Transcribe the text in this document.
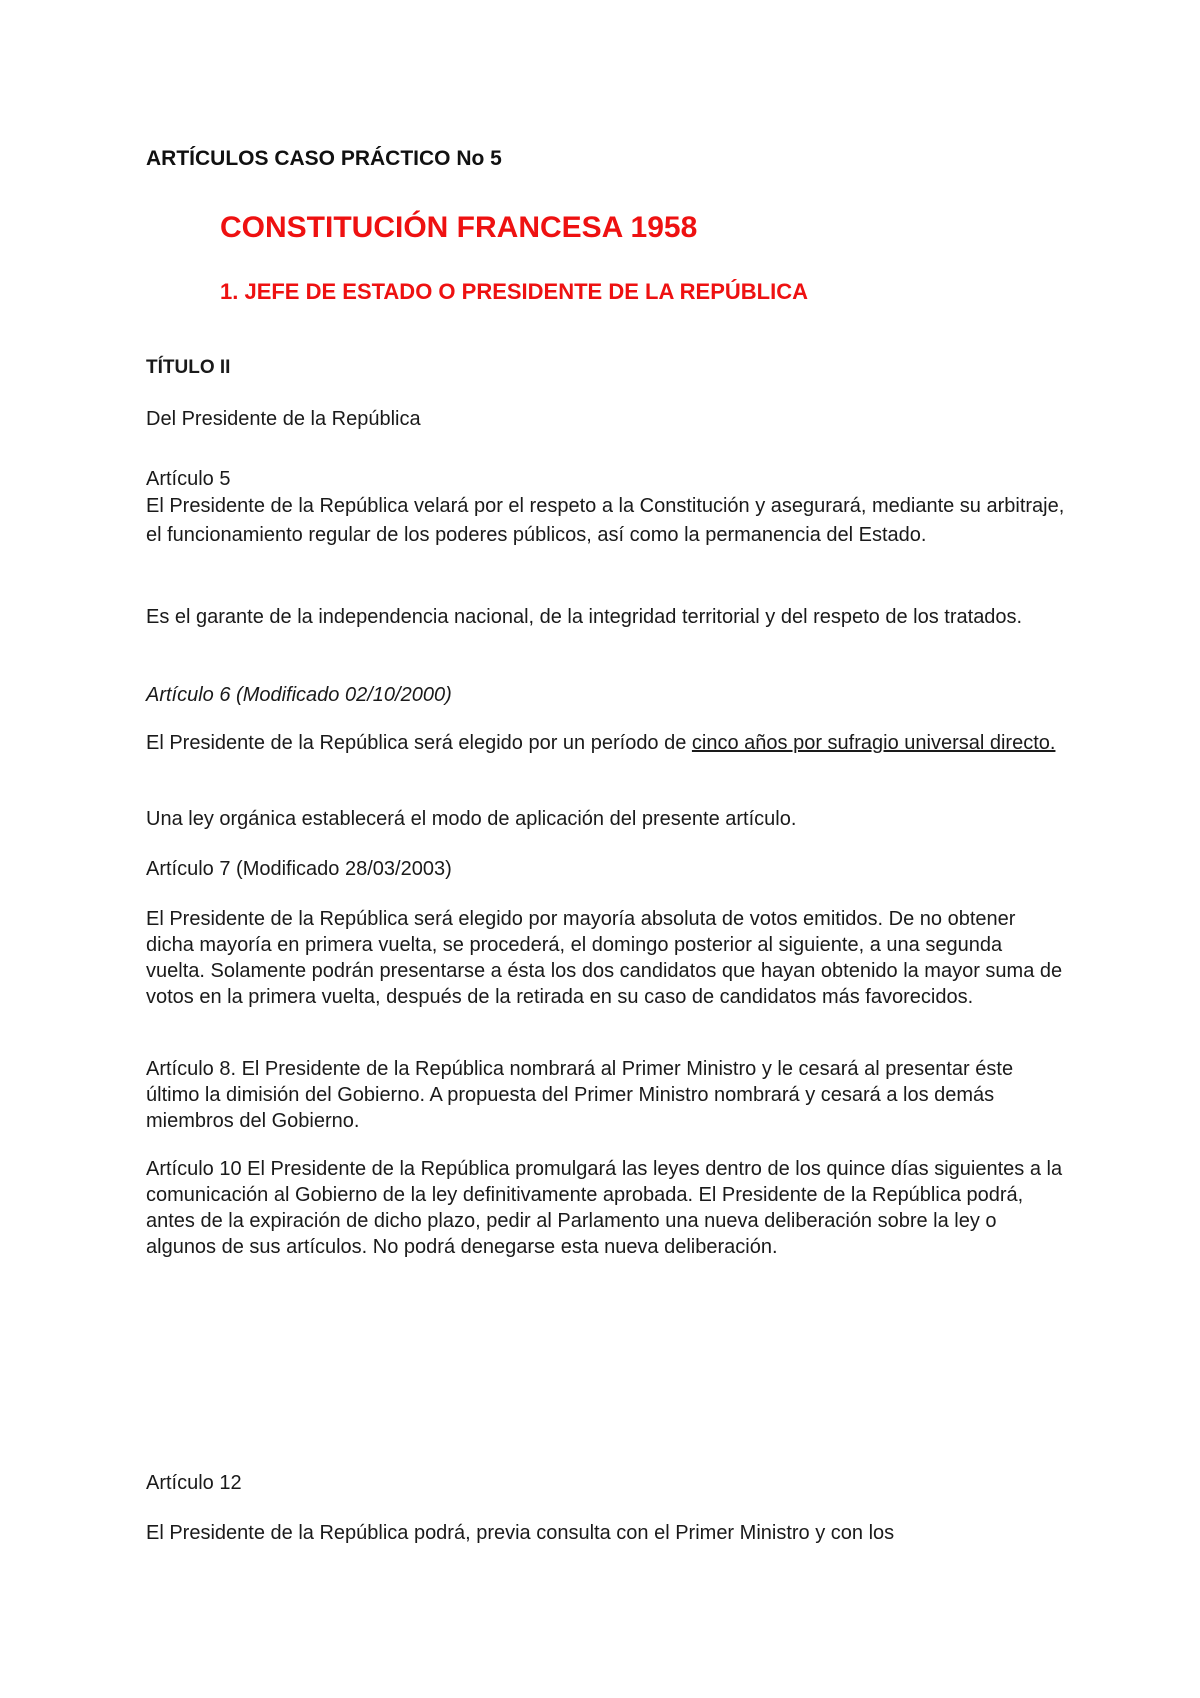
ARTÍCULOS CASO PRÁCTICO No 5

CONSTITUCIÓN FRANCESA 1958
1. JEFE DE ESTADO O PRESIDENTE DE LA REPÚBLICA

TÍTULO II

Del Presidente de la República

Artículo 5

El Presidente de la República velará por el respeto a la Constitución y asegurará, mediante su arbitraje, el funcionamiento regular de los poderes públicos, así como la permanencia del Estado.

Es el garante de la independencia nacional, de la integridad territorial y del respeto de los tratados.

Artículo 6 (Modificado 02/10/2000)

El Presidente de la República será elegido por un período de cinco años por sufragio universal directo.

Una ley orgánica establecerá el modo de aplicación del presente artículo.

Artículo 7 (Modificado 28/03/2003)

El Presidente de la República será elegido por mayoría absoluta de votos emitidos. De no obtener dicha mayoría en primera vuelta, se procederá, el domingo posterior al siguiente, a una segunda vuelta. Solamente podrán presentarse a ésta los dos candidatos que hayan obtenido la mayor suma de votos en la primera vuelta, después de la retirada en su caso de candidatos más favorecidos.

Artículo 8. El Presidente de la República nombrará al Primer Ministro y le cesará al presentar éste último la dimisión del Gobierno. A propuesta del Primer Ministro nombrará y cesará a los demás miembros del Gobierno.

Artículo 10 El Presidente de la República promulgará las leyes dentro de los quince días siguientes a la comunicación al Gobierno de la ley definitivamente aprobada. El Presidente de la República podrá, antes de la expiración de dicho plazo, pedir al Parlamento una nueva deliberación sobre la ley o algunos de sus artículos. No podrá denegarse esta nueva deliberación.

Artículo 12

El Presidente de la República podrá, previa consulta con el Primer Ministro y con los
